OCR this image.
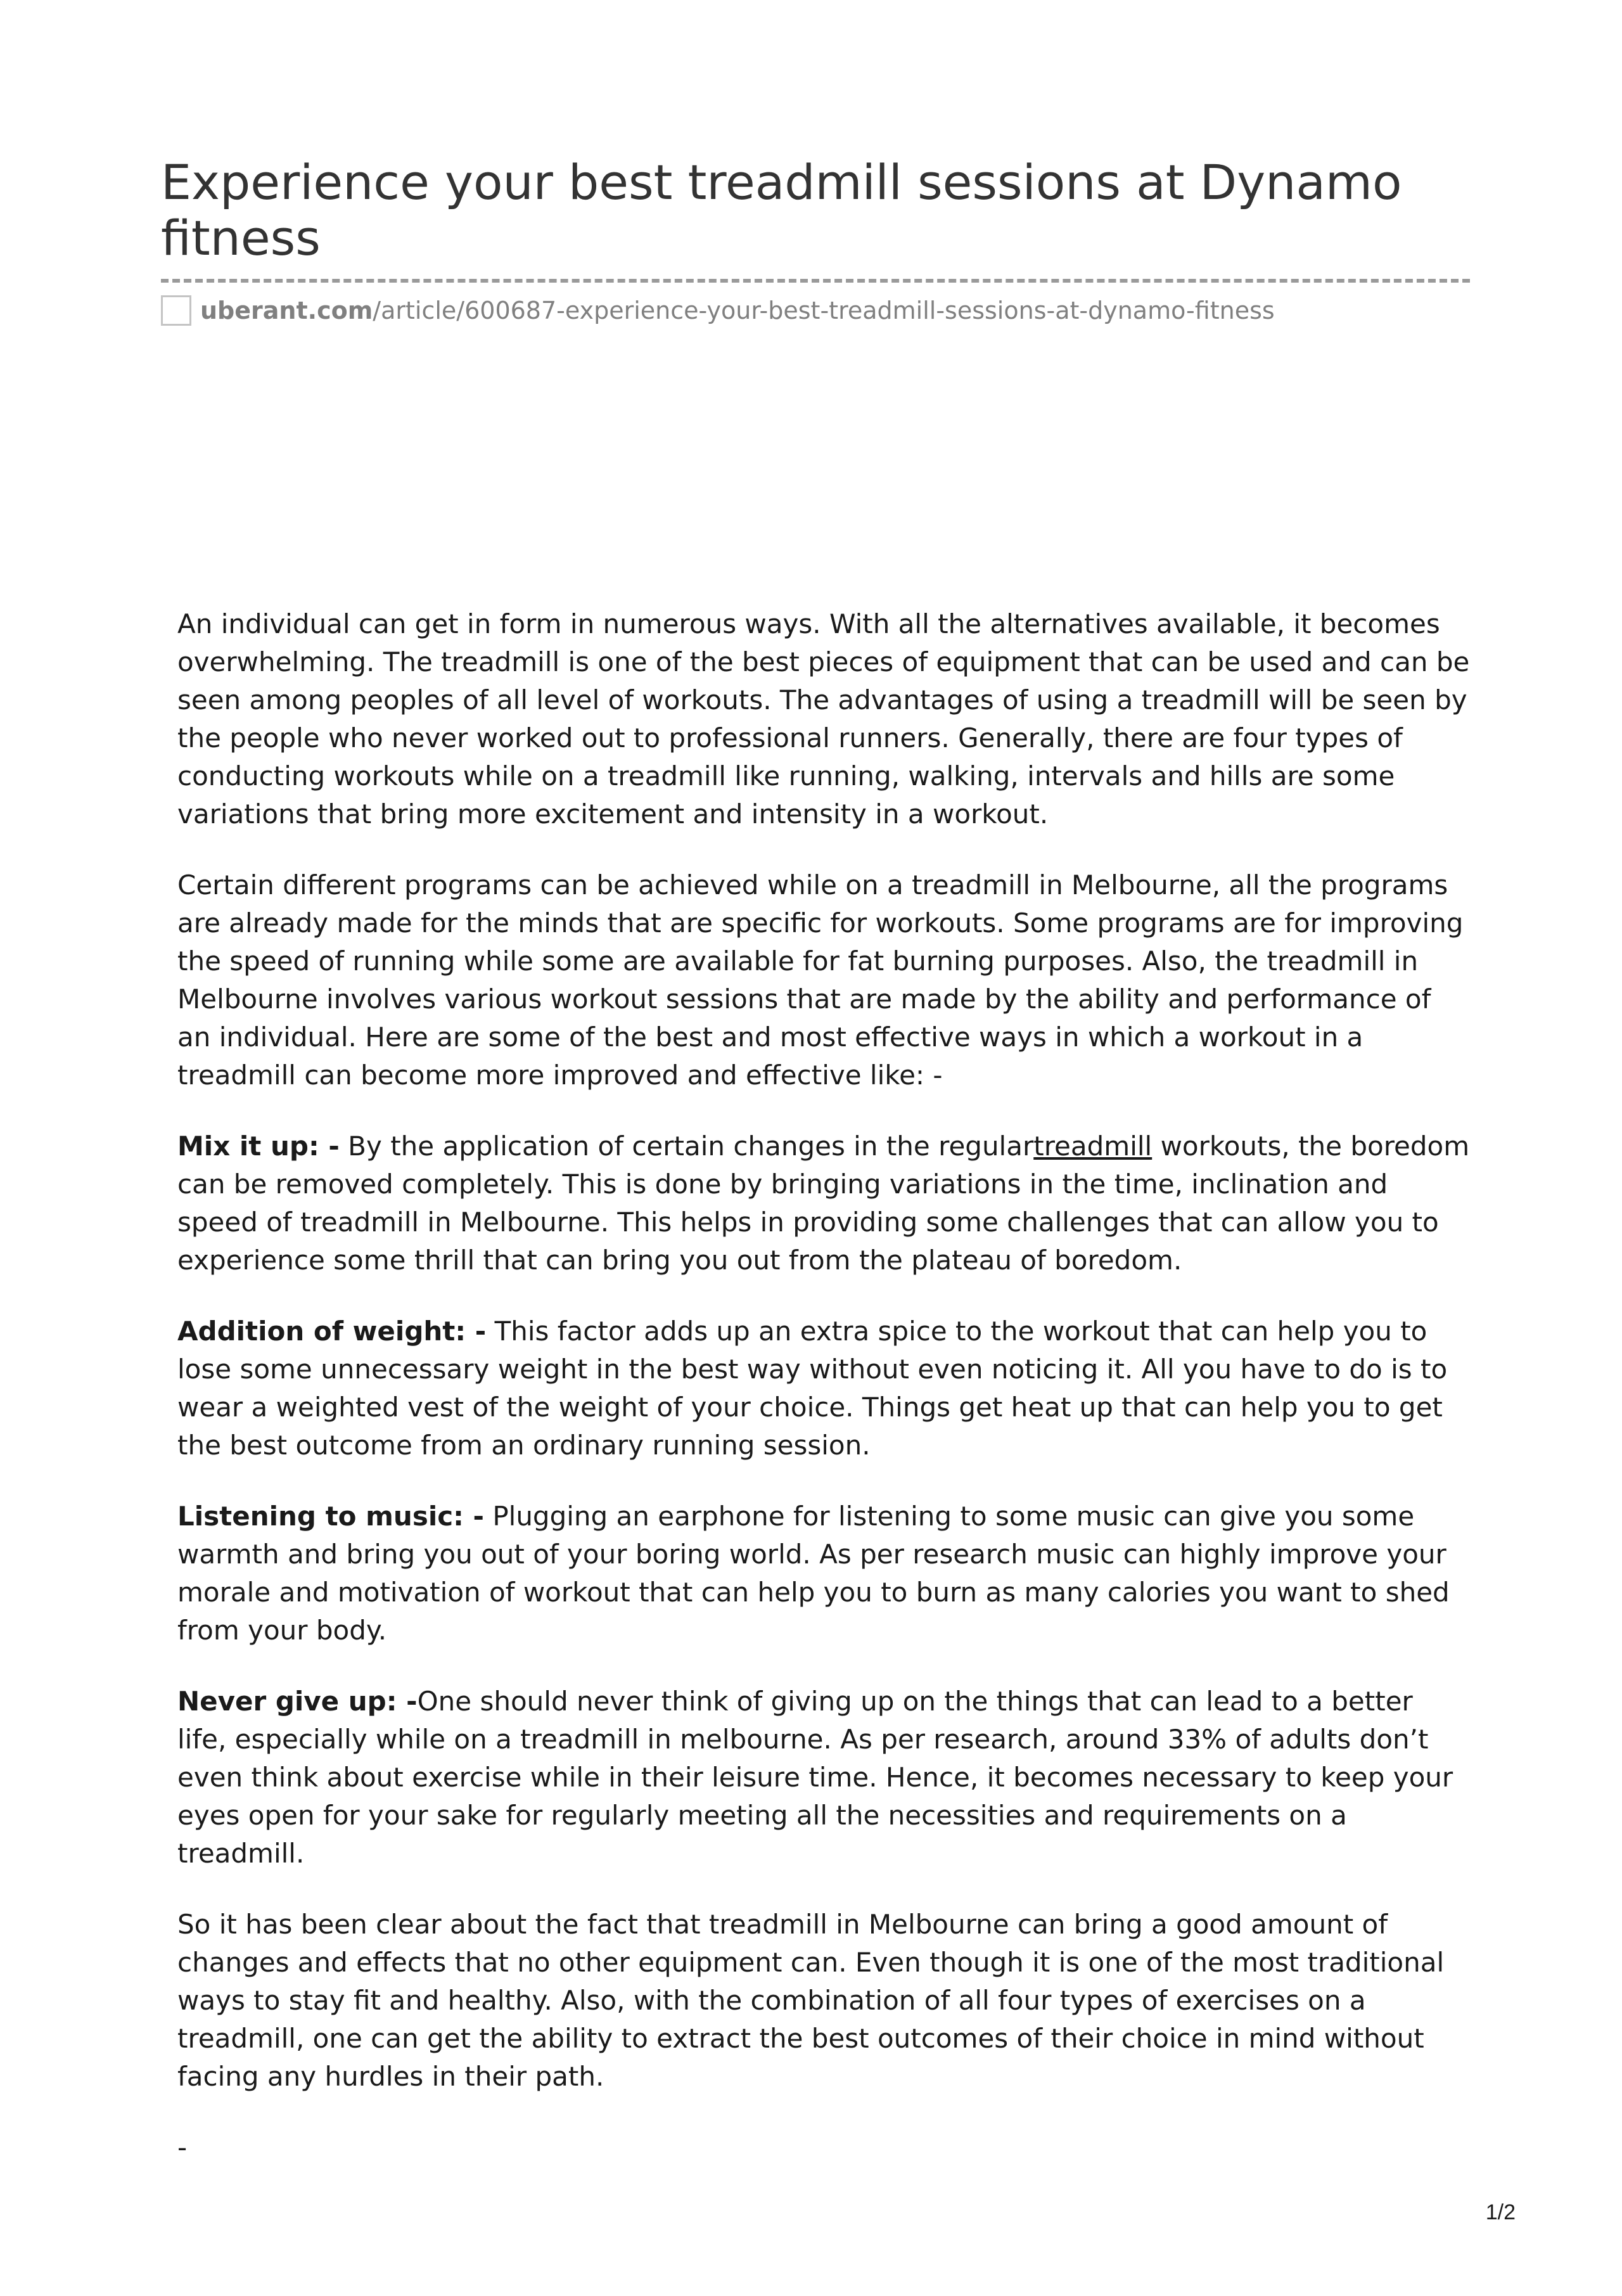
Experience your best treadmill sessions at Dynamo fitness
uberant.com /article/600687-experience-your-best-treadmill-sessions-at-dynamo-fitness

An individual can get in form in numerous ways. With all the alternatives available, it becomes overwhelming. The treadmill is one of the best pieces of equipment that can be used and can be seen among peoples of all level of workouts. The advantages of using a treadmill will be seen by the people who never worked out to professional runners. Generally, there are four types of conducting workouts while on a treadmill like running, walking, intervals and hills are some variations that bring more excitement and intensity in a workout.

Certain different programs can be achieved while on a treadmill in Melbourne, all the programs are already made for the minds that are specific for workouts. Some programs are for improving the speed of running while some are available for fat burning purposes. Also, the treadmill in Melbourne involves various workout sessions that are made by the ability and performance of an individual. Here are some of the best and most effective ways in which a workout in a treadmill can become more improved and effective like: -

Mix it up: - By the application of certain changes in the regulartreadmill workouts, the boredom can be removed completely. This is done by bringing variations in the time, inclination and speed of treadmill in Melbourne. This helps in providing some challenges that can allow you to experience some thrill that can bring you out from the plateau of boredom.

Addition of weight: - This factor adds up an extra spice to the workout that can help you to lose some unnecessary weight in the best way without even noticing it. All you have to do is to wear a weighted vest of the weight of your choice. Things get heat up that can help you to get the best outcome from an ordinary running session.

Listening to music: - Plugging an earphone for listening to some music can give you some warmth and bring you out of your boring world. As per research music can highly improve your morale and motivation of workout that can help you to burn as many calories you want to shed from your body.

Never give up: -One should never think of giving up on the things that can lead to a better life, especially while on a treadmill in melbourne. As per research, around 33% of adults don’t even think about exercise while in their leisure time. Hence, it becomes necessary to keep your eyes open for your sake for regularly meeting all the necessities and requirements on a treadmill.

So it has been clear about the fact that treadmill in Melbourne can bring a good amount of changes and effects that no other equipment can. Even though it is one of the most traditional ways to stay fit and healthy. Also, with the combination of all four types of exercises on a treadmill, one can get the ability to extract the best outcomes of their choice in mind without facing any hurdles in their path.

-

1/2
